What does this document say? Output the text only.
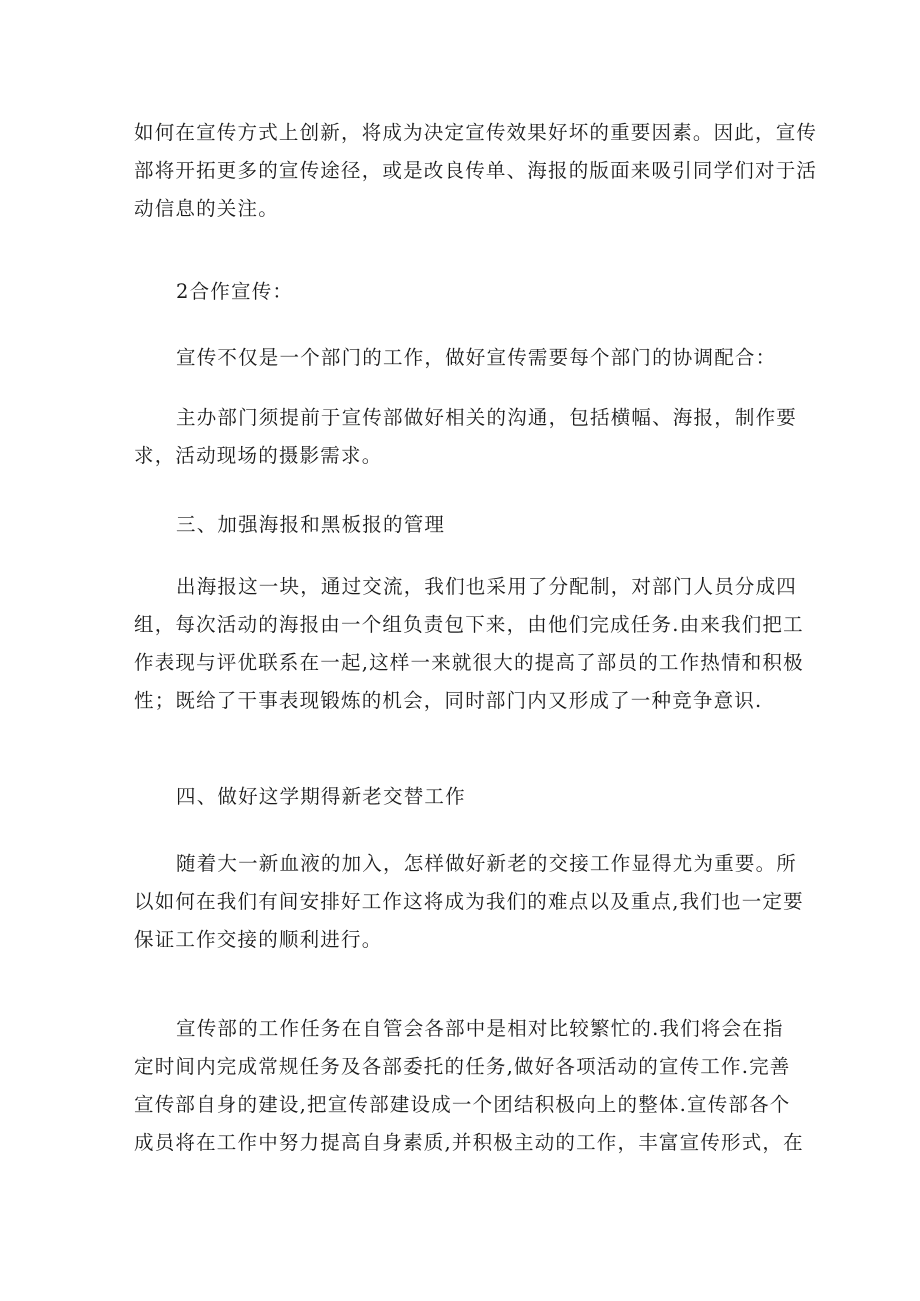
如何在宣传方式上创新，将成为决定宣传效果好坏的重要因素。因此，宣传
部将开拓更多的宣传途径，或是改良传单、海报的版面来吸引同学们对于活
动信息的关注。

2合作宣传：

宣传不仅是一个部门的工作，做好宣传需要每个部门的协调配合：

主办部门须提前于宣传部做好相关的沟通，包括横幅、海报，制作要
求，活动现场的摄影需求。

三、加强海报和黑板报的管理

出海报这一块，通过交流，我们也采用了分配制，对部门人员分成四
组，每次活动的海报由一个组负责包下来，由他们完成任务.由来我们把工
作表现与评优联系在一起,这样一来就很大的提高了部员的工作热情和积极
性；既给了干事表现锻炼的机会，同时部门内又形成了一种竞争意识.

四、做好这学期得新老交替工作

随着大一新血液的加入，怎样做好新老的交接工作显得尤为重要。所
以如何在我们有间安排好工作这将成为我们的难点以及重点,我们也一定要
保证工作交接的顺利进行。

宣传部的工作任务在自管会各部中是相对比较繁忙的.我们将会在指
定时间内完成常规任务及各部委托的任务,做好各项活动的宣传工作.完善
宣传部自身的建设,把宣传部建设成一个团结积极向上的整体.宣传部各个
成员将在工作中努力提高自身素质,并积极主动的工作，丰富宣传形式，在
